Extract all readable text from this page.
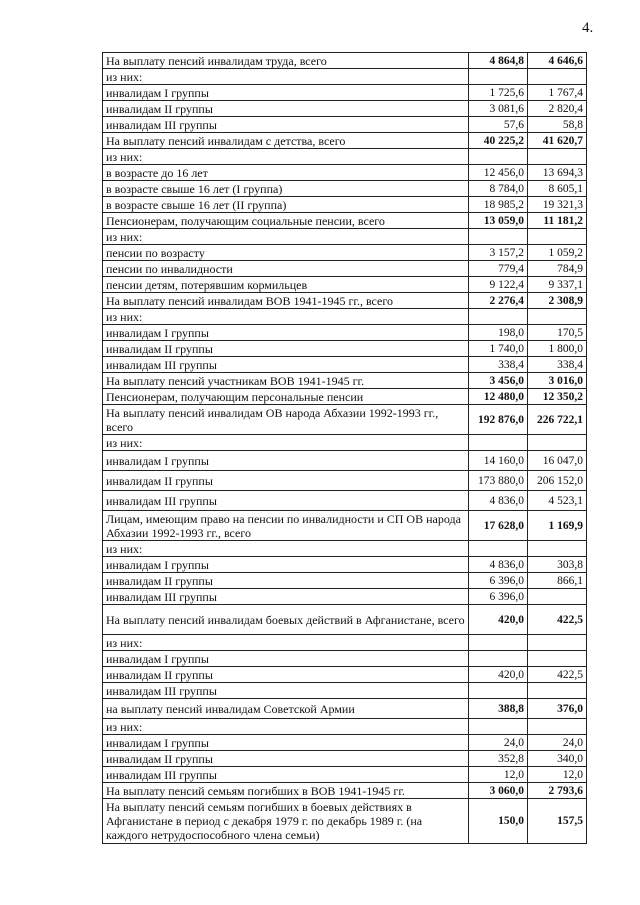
4.
На выплату пенсий инвалидам труда, всего	4 864,8	4 646,6
из них:		
инвалидам I группы	1 725,6	1 767,4
инвалидам II группы	3 081,6	2 820,4
инвалидам III группы	57,6	58,8
На выплату пенсий инвалидам с детства, всего	40 225,2	41 620,7
из них:		
в возрасте до 16 лет	12 456,0	13 694,3
в возрасте свыше 16 лет (I группа)	8 784,0	8 605,1
в возрасте свыше 16 лет (II группа)	18 985,2	19 321,3
Пенсионерам, получающим социальные пенсии, всего	13 059,0	11 181,2
из них:		
пенсии по возрасту	3 157,2	1 059,2
пенсии по инвалидности	779,4	784,9
пенсии детям, потерявшим кормильцев	9 122,4	9 337,1
На выплату пенсий инвалидам ВОВ 1941-1945 гг., всего	2 276,4	2 308,9
из них:		
инвалидам I группы	198,0	170,5
инвалидам II группы	1 740,0	1 800,0
инвалидам III группы	338,4	338,4
На выплату пенсий участникам ВОВ 1941-1945 гг.	3 456,0	3 016,0
Пенсионерам, получающим персональные пенсии	12 480,0	12 350,2
На выплату пенсий инвалидам ОВ народа Абхазии 1992-1993 гг., всего	192 876,0	226 722,1
из них:		
инвалидам I группы	14 160,0	16 047,0
инвалидам II группы	173 880,0	206 152,0
инвалидам III группы	4 836,0	4 523,1
Лицам, имеющим право на пенсии по инвалидности и СП ОВ народа Абхазии 1992-1993 гг., всего	17 628,0	1 169,9
из них:		
инвалидам I группы	4 836,0	303,8
инвалидам II группы	6 396,0	866,1
инвалидам III группы	6 396,0	
На выплату пенсий инвалидам боевых действий в Афганистане, всего	420,0	422,5
из них:		
инвалидам I группы		
инвалидам II группы	420,0	422,5
инвалидам III группы		
на выплату пенсий инвалидам Советской Армии	388,8	376,0
из них:		
инвалидам I группы	24,0	24,0
инвалидам II группы	352,8	340,0
инвалидам III группы	12,0	12,0
На выплату пенсий семьям погибших в ВОВ 1941-1945 гг.	3 060,0	2 793,6
На выплату пенсий семьям погибших в боевых действиях в Афганистане в период с декабря 1979 г. по декабрь 1989 г. (на каждого нетрудоспособного члена семьи)	150,0	157,5
